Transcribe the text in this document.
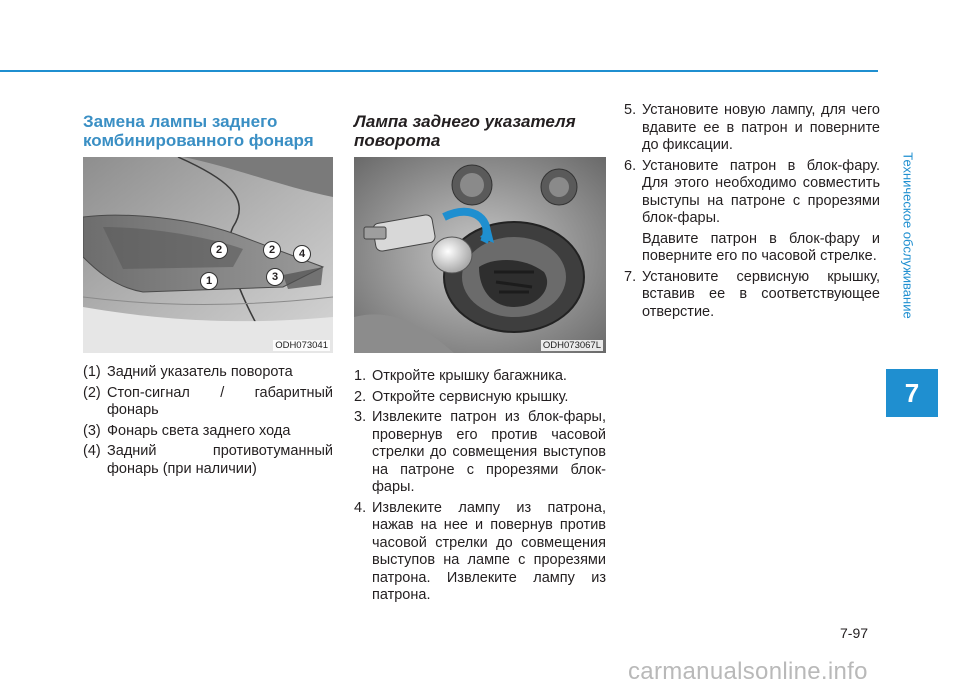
Техническое обслуживание
7
Замена лампы заднего комбинированного фонаря
2	2	4
1	3
ODH073041
(1) Задний указатель поворота
(2) Стоп-сигнал / габаритный фонарь
(3) Фонарь света заднего хода
(4) Задний противотуманный фонарь (при наличии)
Лампа заднего указателя поворота
ODH073067L
1. Откройте крышку багажника.
2. Откройте сервисную крышку.
3. Извлеките патрон из блок-фары, провернув его против часовой стрелки до совмещения выступов на патроне с прорезями блок-фары.
4. Извлеките лампу из патрона, нажав на нее и повернув против часовой стрелки до совмещения выступов на лампе с прорезями патрона. Извлеките лампу из патрона.
5. Установите новую лампу, для чего вдавите ее в патрон и поверните до фиксации.
6. Установите патрон в блок-фару. Для этого необходимо совместить выступы на патроне с прорезями блок-фары.
Вдавите патрон в блок-фару и поверните его по часовой стрелке.
7. Установите сервисную крышку, вставив ее в соответствующее отверстие.
7-97
carmanualsonline.info
